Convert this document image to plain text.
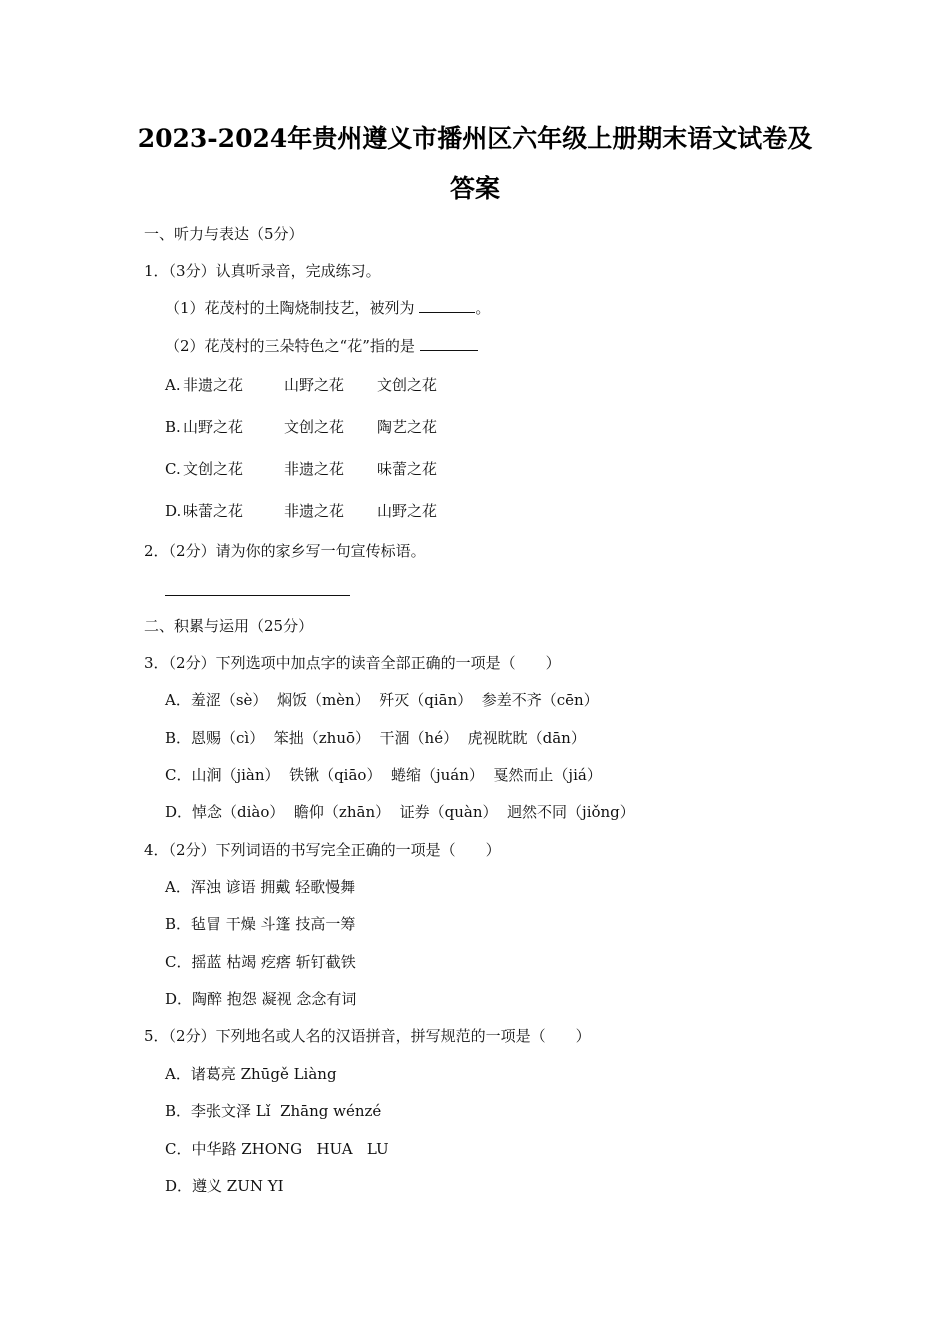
2023-2024年贵州遵义市播州区六年级上册期末语文试卷及
答案
一、听力与表达（5分）
1．（3分）认真听录音，完成练习。
（1）花茂村的土陶烧制技艺，被列为	。
（2）花茂村的三朵特色之“花”指的是
A. 非遗之花	山野之花 文创之花
B. 山野之花	文创之花 陶艺之花
C. 文创之花	非遗之花 味蕾之花
D. 味蕾之花	非遗之花 山野之花
2．（2分）请为你的家乡写一句宣传标语。
二、积累与运用（25分）
3．（2分）下列选项中加点字的读音全部正确的一项是（　　）
A．羞涩（sè）  焖饭（mèn）  歼灭（qiān）  参差不齐（cēn）
B．恩赐（cì）  笨拙（zhuō）  干涸（hé）  虎视眈眈（dān）
C．山涧（jiàn）  铁锹（qiāo）  蜷缩（juán）  戛然而止（jiá）
D．悼念（diào）  瞻仰（zhān）  证券（quàn）  迥然不同（jiǒng）
4．（2分）下列词语的书写完全正确的一项是（　　）
A．浑浊 谚语 拥戴 轻歌慢舞
B．毡冒 干燥 斗篷 技高一筹
C．摇蓝 枯竭 疙瘩 斩钉截铁
D．陶醉 抱怨 凝视 念念有词
5．（2分）下列地名或人名的汉语拼音，拼写规范的一项是（　　）
A．诸葛亮 Zhūgě Liàng
B．李张文泽 Lǐ  Zhāng wénzé
C．中华路 ZHONG   HUA   LU
D．遵义 ZUN YI
